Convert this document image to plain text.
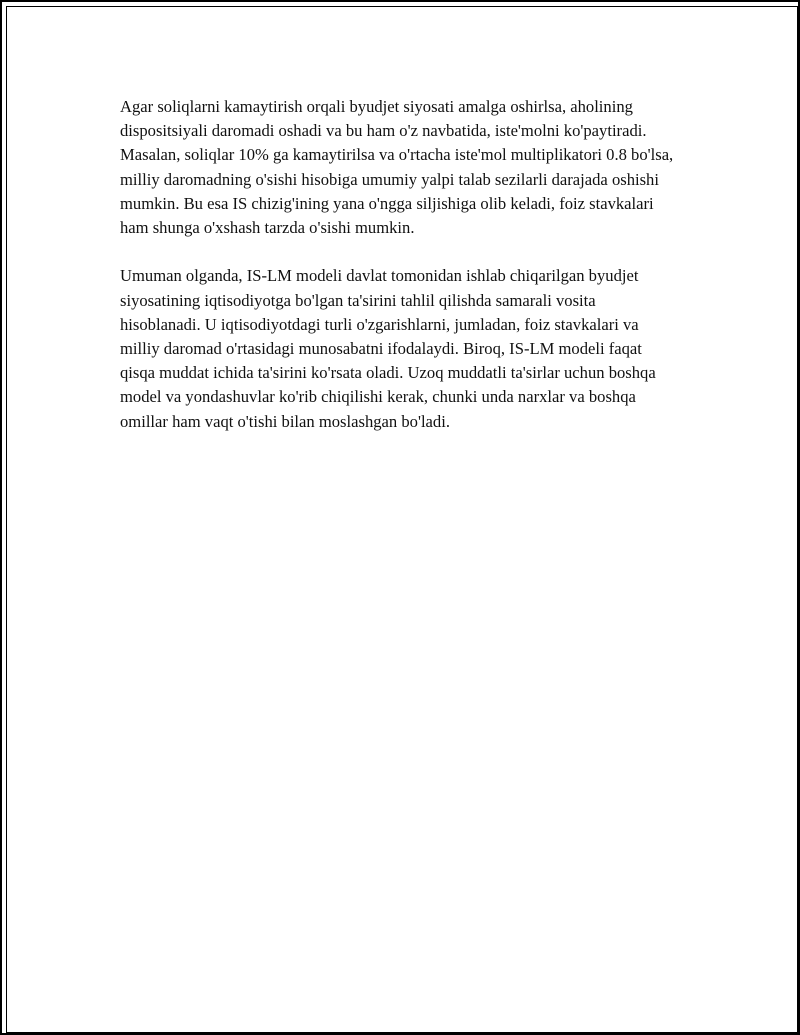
Agar soliqlarni kamaytirish orqali byudjet siyosati amalga oshirlsa, aholining dispositsiyali daromadi oshadi va bu ham o'z navbatida, iste'molni ko'paytiradi. Masalan, soliqlar 10% ga kamaytirilsa va o'rtacha iste'mol multiplikatori 0.8 bo'lsa, milliy daromadning o'sishi hisobiga umumiy yalpi talab sezilarli darajada oshishi mumkin. Bu esa IS chizig'ining yana o'ngga siljishiga olib keladi, foiz stavkalari ham shunga o'xshash tarzda o'sishi mumkin.

Umuman olganda, IS-LM modeli davlat tomonidan ishlab chiqarilgan byudjet siyosatining iqtisodiyotga bo'lgan ta'sirini tahlil qilishda samarali vosita hisoblanadi. U iqtisodiyotdagi turli o'zgarishlarni, jumladan, foiz stavkalari va milliy daromad o'rtasidagi munosabatni ifodalaydi. Biroq, IS-LM modeli faqat qisqa muddat ichida ta'sirini ko'rsata oladi. Uzoq muddatli ta'sirlar uchun boshqa model va yondashuvlar ko'rib chiqilishi kerak, chunki unda narxlar va boshqa omillar ham vaqt o'tishi bilan moslashgan bo'ladi.
